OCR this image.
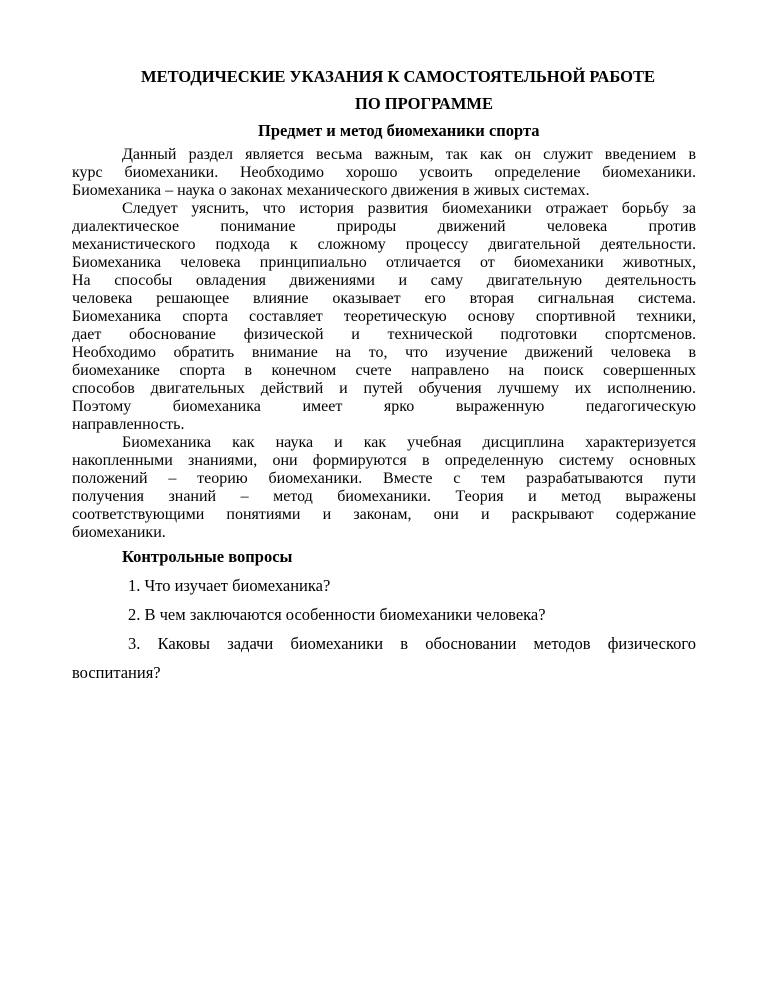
МЕТОДИЧЕСКИЕ УКАЗАНИЯ К САМОСТОЯТЕЛЬНОЙ РАБОТЕ
ПО ПРОГРАММЕ
Предмет и метод биомеханики спорта
Данный раздел является весьма важным, так как он служит введением в
курс биомеханики. Необходимо хорошо усвоить определение биомеханики.
Биомеханика – наука о законах механического движения в живых системах.
Следует уяснить, что история развития биомеханики отражает борьбу за
диалектическое понимание природы движений человека против
механистического подхода к сложному процессу двигательной деятельности.
Биомеханика человека принципиально отличается от биомеханики животных,
На способы овладения движениями и саму двигательную деятельность
человека решающее влияние оказывает его вторая сигнальная система.
Биомеханика спорта составляет теоретическую основу спортивной техники,
дает обоснование физической и технической подготовки спортсменов.
Необходимо обратить внимание на то, что изучение движений человека в
биомеханике спорта в конечном счете направлено на поиск совершенных
способов двигательных действий и путей обучения лучшему их исполнению.
Поэтому биомеханика имеет ярко выраженную педагогическую
направленность.
Биомеханика как наука и как учебная дисциплина характеризуется
накопленными знаниями, они формируются в определенную систему основных
положений – теорию биомеханики. Вместе с тем разрабатываются пути
получения знаний – метод биомеханики. Теория и метод выражены
соответствующими понятиями и законам, они и раскрывают содержание
биомеханики.
Контрольные вопросы
1. Что изучает биомеханика?
2. В чем заключаются особенности биомеханики человека?
3. Каковы задачи биомеханики в обосновании методов физического
воспитания?
